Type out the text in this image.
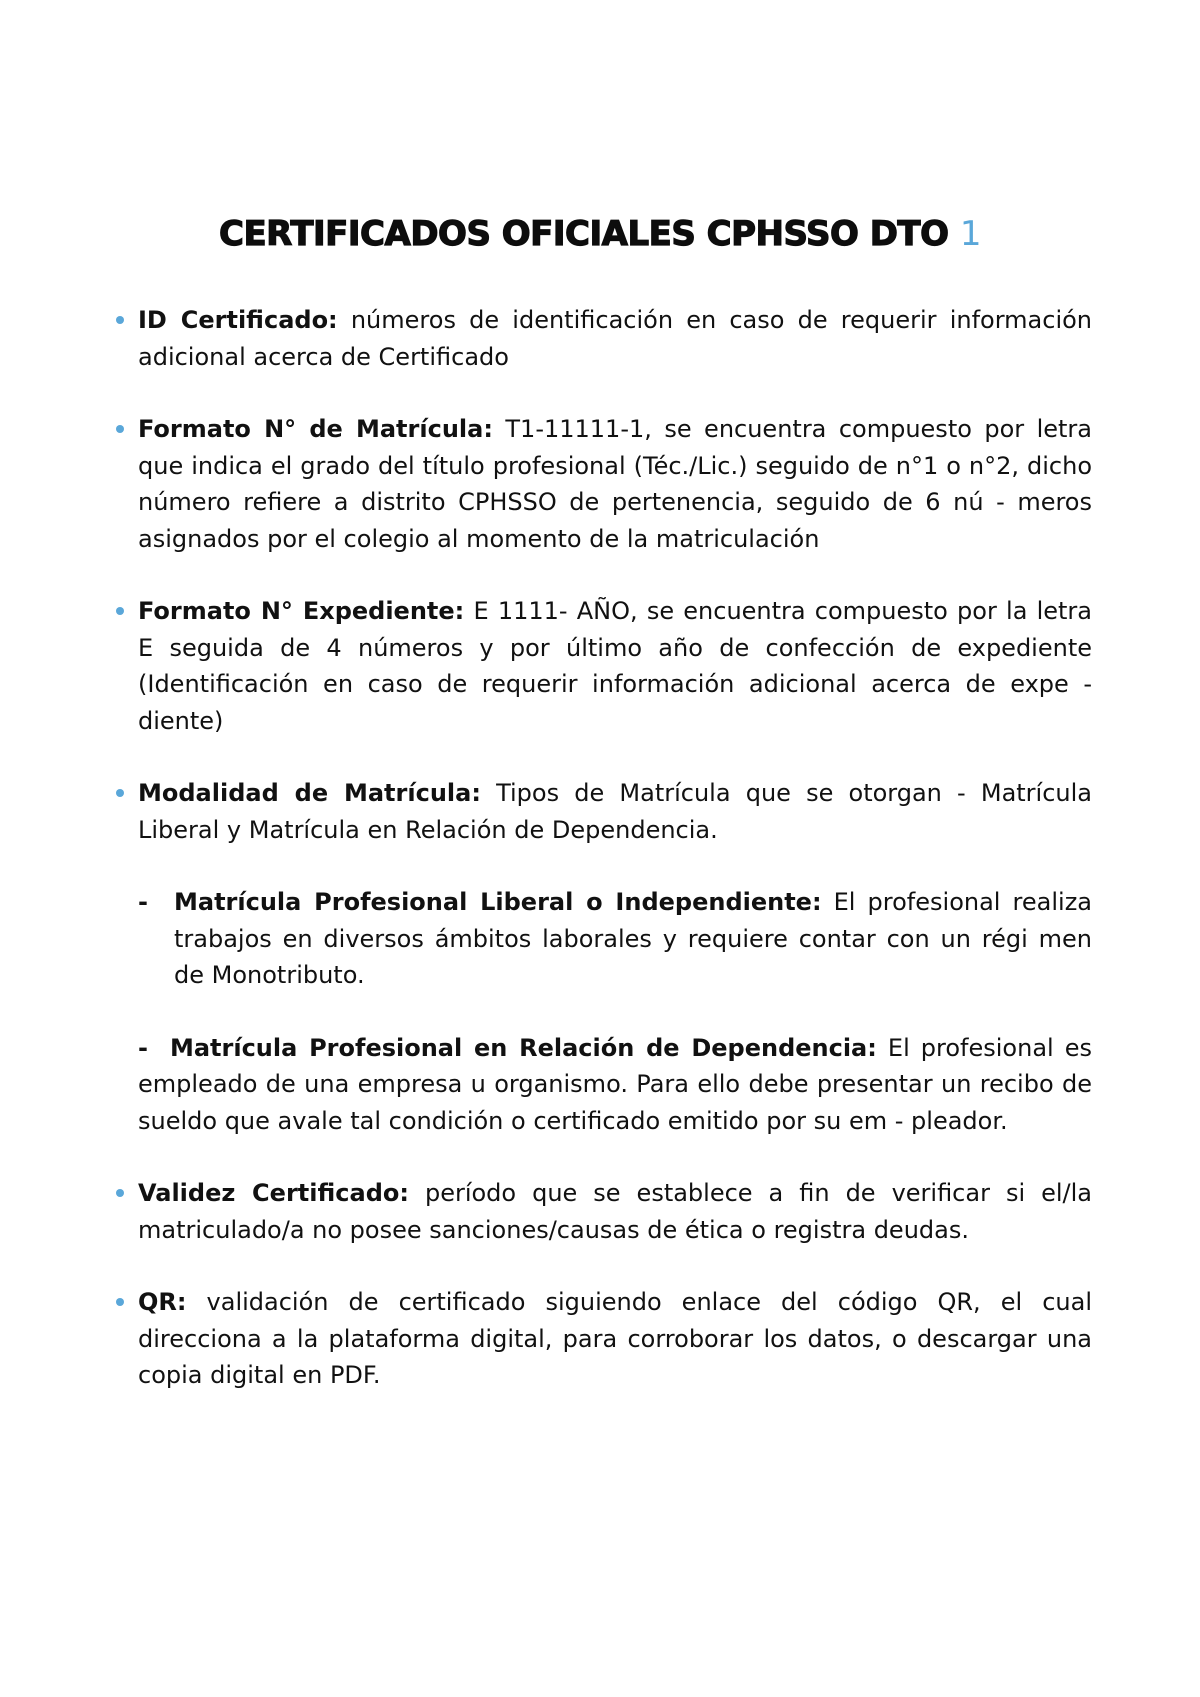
CERTIFICADOS OFICIALES CPHSSO DTO 1
ID Certificado: números de identificación en caso de requerir información adicional acerca de Certificado
Formato N° de Matrícula: T1-11111-1, se encuentra compuesto por letra que indica el grado del título profesional (Téc./Lic.) seguido de n°1 o n°2, dicho número refiere a distrito CPHSSO de pertenencia, seguido de 6 nú - meros asignados por el colegio al momento de la matriculación
Formato N° Expediente: E 1111- AÑO, se encuentra compuesto por la letra E seguida de 4 números y por último año de confección de expediente (Identificación en caso de requerir información adicional acerca de expe - diente)
Modalidad de Matrícula: Tipos de Matrícula que se otorgan - Matrícula Liberal y Matrícula en Relación de Dependencia.
- Matrícula Profesional Liberal o Independiente: El profesional realiza trabajos en diversos ámbitos laborales y requiere contar con un régi men de Monotributo.
- Matrícula Profesional en Relación de Dependencia: El profesional es empleado de una empresa u organismo. Para ello debe presentar un recibo de sueldo que avale tal condición o certificado emitido por su em - pleador.
Validez Certificado: período que se establece a fin de verificar si el/la matriculado/a no posee sanciones/causas de ética o registra deudas.
QR: validación de certificado siguiendo enlace del código QR, el cual direcciona a la plataforma digital, para corroborar los datos, o descargar una copia digital en PDF.
